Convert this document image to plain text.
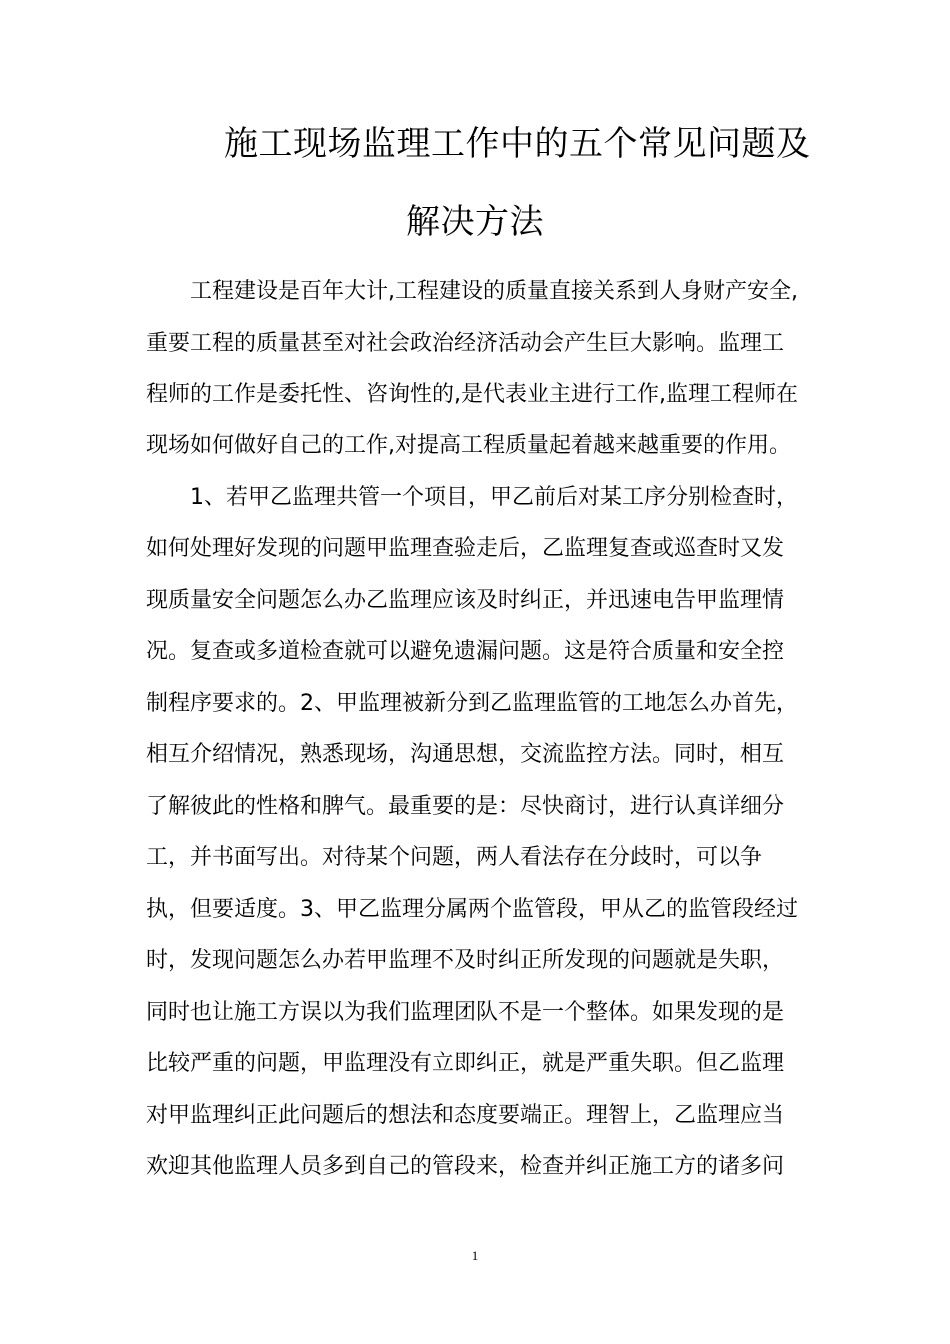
施工现场监理工作中的五个常见问题及
解决方法
工程建设是百年大计,工程建设的质量直接关系到人身财产安全,
重要工程的质量甚至对社会政治经济活动会产生巨大影响。监理工
程师的工作是委托性、咨询性的,是代表业主进行工作,监理工程师在
现场如何做好自己的工作,对提高工程质量起着越来越重要的作用。
1、若甲乙监理共管一个项目，甲乙前后对某工序分别检查时，
如何处理好发现的问题甲监理查验走后，乙监理复查或巡查时又发
现质量安全问题怎么办乙监理应该及时纠正，并迅速电告甲监理情
况。复查或多道检查就可以避免遗漏问题。这是符合质量和安全控
制程序要求的。2、甲监理被新分到乙监理监管的工地怎么办首先，
相互介绍情况，熟悉现场，沟通思想，交流监控方法。同时，相互
了解彼此的性格和脾气。最重要的是：尽快商讨，进行认真详细分
工，并书面写出。对待某个问题，两人看法存在分歧时，可以争
执，但要适度。3、甲乙监理分属两个监管段，甲从乙的监管段经过
时，发现问题怎么办若甲监理不及时纠正所发现的问题就是失职，
同时也让施工方误以为我们监理团队不是一个整体。如果发现的是
比较严重的问题，甲监理没有立即纠正，就是严重失职。但乙监理
对甲监理纠正此问题后的想法和态度要端正。理智上，乙监理应当
欢迎其他监理人员多到自己的管段来，检查并纠正施工方的诸多问
1
